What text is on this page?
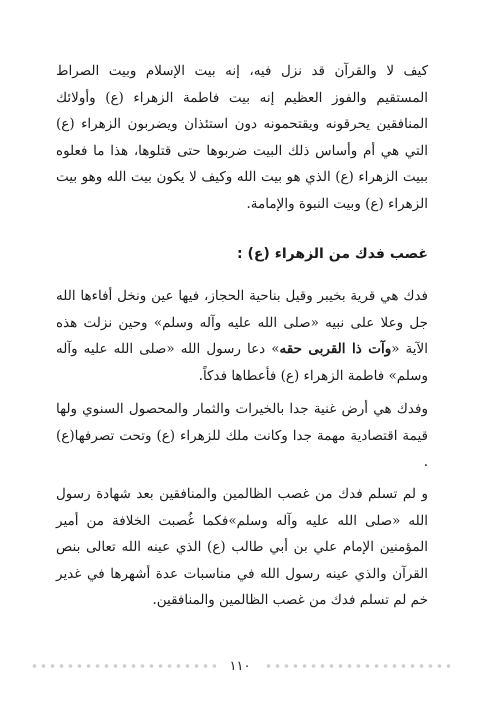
كيف لا والقرآن قد نزل فيه، إنه بيت الإسلام وبيت الصراط المستقيم والفوز العظيم إنه بيت فاطمة الزهراء (ع) وأولائك المنافقين يحرقونه ويقتحمونه دون استئذان ويضربون الزهراء (ع) التي هي أم وأساس ذلك البيت ضربوها حتى قتلوها، هذا ما فعلوه ببيت الزهراء (ع) الذي هو بيت الله وكيف لا يكون بيت الله وهو بيت الزهراء (ع) وبيت النبوة والإمامة.

غصب فدك من الزهراء (ع) :

فدك هي قرية بخيبر وقيل بناحية الحجاز، فيها عين ونخل أفاءها الله جل وعلا على نبيه «صلى الله عليه وآله وسلم» وحين نزلت هذه الآية «وآت ذا القربى حقه» دعا رسول الله «صلى الله عليه وآله وسلم» فاطمة الزهراء (ع) فأعطاها فدكاً.

وفدك هي أرض غنية جدا بالخيرات والثمار والمحصول السنوي ولها قيمة اقتصادية مهمة جدا وكانت ملك للزهراء (ع) وتحت تصرفها(ع) .

و لم تسلم فدك من غصب الظالمين والمنافقين بعد شهادة رسول الله «صلى الله عليه وآله وسلم»فكما غُصبت الخلافة من أمير المؤمنين الإمام علي بن أبي طالب (ع) الذي عينه الله تعالى بنص القرآن والذي عينه رسول الله في مناسبات عدة أشهرها في غدير خم لم تسلم فدك من غصب الظالمين والمنافقين.

١١٠
